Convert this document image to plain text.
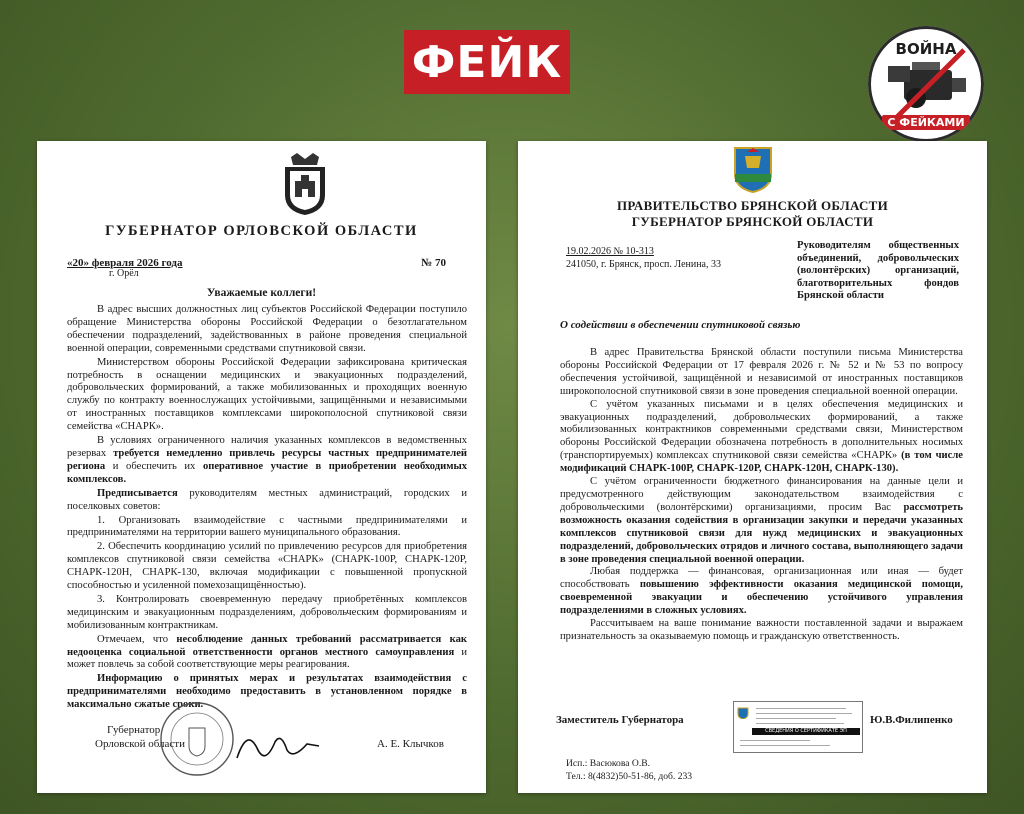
ФЕЙК	ВОЙНА
С ФЕЙКАМИ
ГУБЕРНАТОР ОРЛОВСКОЙ ОБЛАСТИ
«20» февраля 2026 года	№ 70
г. Орёл
Уважаемые коллеги!

В адрес высших должностных лиц субъектов Российской Федерации поступило обращение Министерства обороны Российской Федерации о безотлагательном обеспечении подразделений, задействованных в районе проведения специальной военной операции, современными средствами спутниковой связи.

Министерством обороны Российской Федерации зафиксирована критическая потребность в оснащении медицинских и эвакуационных подразделений, добровольческих формирований, а также мобилизованных и проходящих военную службу по контракту военнослужащих устойчивыми, защищёнными и независимыми от иностранных поставщиков комплексами широкополосной спутниковой связи семейства «СНАРК».

В условиях ограниченного наличия указанных комплексов в ведомственных резервах требуется немедленно привлечь ресурсы частных предпринимателей региона и обеспечить их оперативное участие в приобретении необходимых комплексов.

Предписывается руководителям местных администраций, городских и поселковых советов:

1. Организовать взаимодействие с частными предпринимателями и предпринимателями на территории вашего муниципального образования.

2. Обеспечить координацию усилий по привлечению ресурсов для приобретения комплексов спутниковой связи семейства «СНАРК» (СНАРК-100Р, СНАРК-120Р, СНАРК-120Н, СНАРК-130, включая модификации с повышенной пропускной способностью и усиленной помехозащищённостью).

3. Контролировать своевременную передачу приобретённых комплексов медицинским и эвакуационным подразделениям, добровольческим формированиям и мобилизованным контрактникам.

Отмечаем, что несоблюдение данных требований рассматривается как недооценка социальной ответственности органов местного самоуправления и может повлечь за собой соответствующие меры реагирования.

Информацию о принятых мерах и результатах взаимодействия с предпринимателями необходимо предоставить в установленном порядке в максимально сжатые сроки.

Губернатор
Орловской области	А. Е. Клычков
ПРАВИТЕЛЬСТВО БРЯНСКОЙ ОБЛАСТИ
ГУБЕРНАТОР БРЯНСКОЙ ОБЛАСТИ
19.02.2026 № 10-313
241050, г. Брянск, просп. Ленина, 33
Руководителям общественных объединений, добровольческих (волонтёрских) организаций, благотворительных фондов Брянской области
О содействии в обеспечении спутниковой связью

В адрес Правительства Брянской области поступили письма Министерства обороны Российской Федерации от 17 февраля 2026 г. № 52 и № 53 по вопросу обеспечения устойчивой, защищённой и независимой от иностранных поставщиков широкополосной спутниковой связи в зоне проведения специальной военной операции.

С учётом указанных письмами и в целях обеспечения медицинских и эвакуационных подразделений, добровольческих формирований, а также мобилизованных контрактников современными средствами связи, Министерством обороны Российской Федерации обозначена потребность в дополнительных носимых (транспортируемых) комплексах спутниковой связи семейства «СНАРК» (в том числе модификаций СНАРК-100Р, СНАРК-120Р, СНАРК-120Н, СНАРК-130).

С учётом ограниченности бюджетного финансирования на данные цели и предусмотренного действующим законодательством взаимодействия с добровольческими (волонтёрскими) организациями, просим Вас рассмотреть возможность оказания содействия в организации закупки и передачи указанных комплексов спутниковой связи для нужд медицинских и эвакуационных подразделений, добровольческих отрядов и личного состава, выполняющего задачи в зоне проведения специальной военной операции.

Любая поддержка — финансовая, организационная или иная — будет способствовать повышению эффективности оказания медицинской помощи, своевременной эвакуации и обеспечению устойчивого управления подразделениями в сложных условиях.

Рассчитываем на ваше понимание важности поставленной задачи и выражаем признательность за оказываемую помощь и гражданскую ответственность.

Заместитель Губернатора
СВЕДЕНИЯ О СЕРТИФИКАТЕ ЭП
Ю.В.Филипенко
Исп.: Васюкова О.В.
Тел.: 8(4832)50-51-86, доб. 233
